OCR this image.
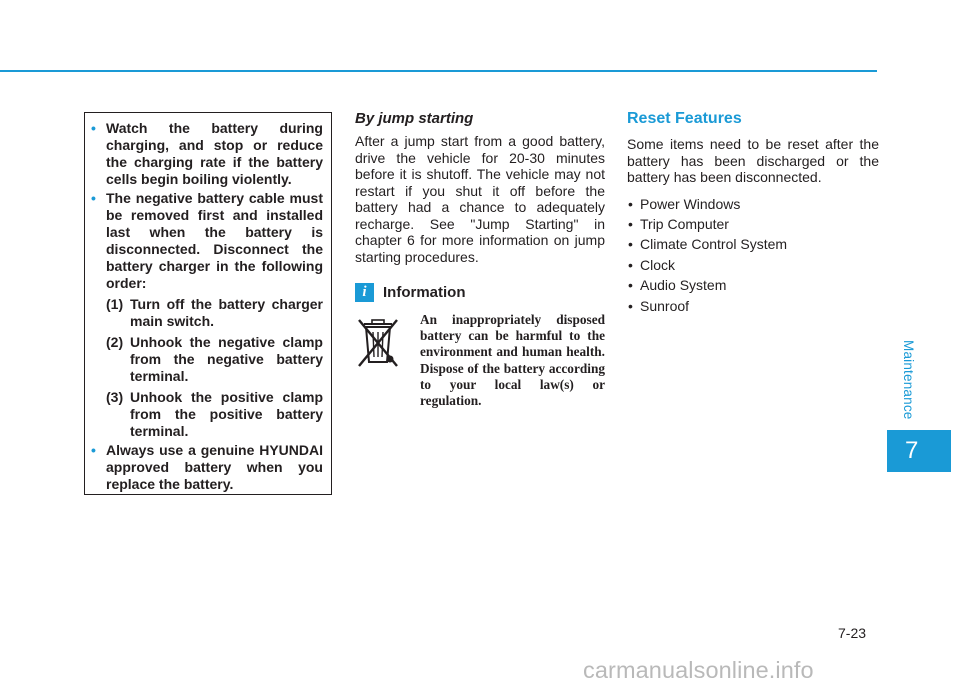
• Watch the battery during charging, and stop or reduce the charging rate if the battery cells begin boiling violently.
• The negative battery cable must be removed first and installed last when the battery is disconnected. Disconnect the battery charger in the following order:
(1) Turn off the battery charger main switch.
(2) Unhook the negative clamp from the negative battery terminal.
(3) Unhook the positive clamp from the positive battery terminal.
• Always use a genuine HYUNDAI approved battery when you replace the battery.
By jump starting

After a jump start from a good battery, drive the vehicle for 20-30 minutes before it is shutoff. The vehicle may not restart if you shut it off before the battery had a chance to adequately recharge. See "Jump Starting" in chapter 6 for more information on jump starting procedures.

i	Information
An inappropriately disposed battery can be harmful to the environment and human health. Dispose of the battery according to your local law(s) or regulation.
Reset Features

Some items need to be reset after the battery has been discharged or the battery has been disconnected.

• Power Windows
• Trip Computer
• Climate Control System
• Clock
• Audio System
• Sunroof
Maintenance
7
7-23
carmanualsonline.info
